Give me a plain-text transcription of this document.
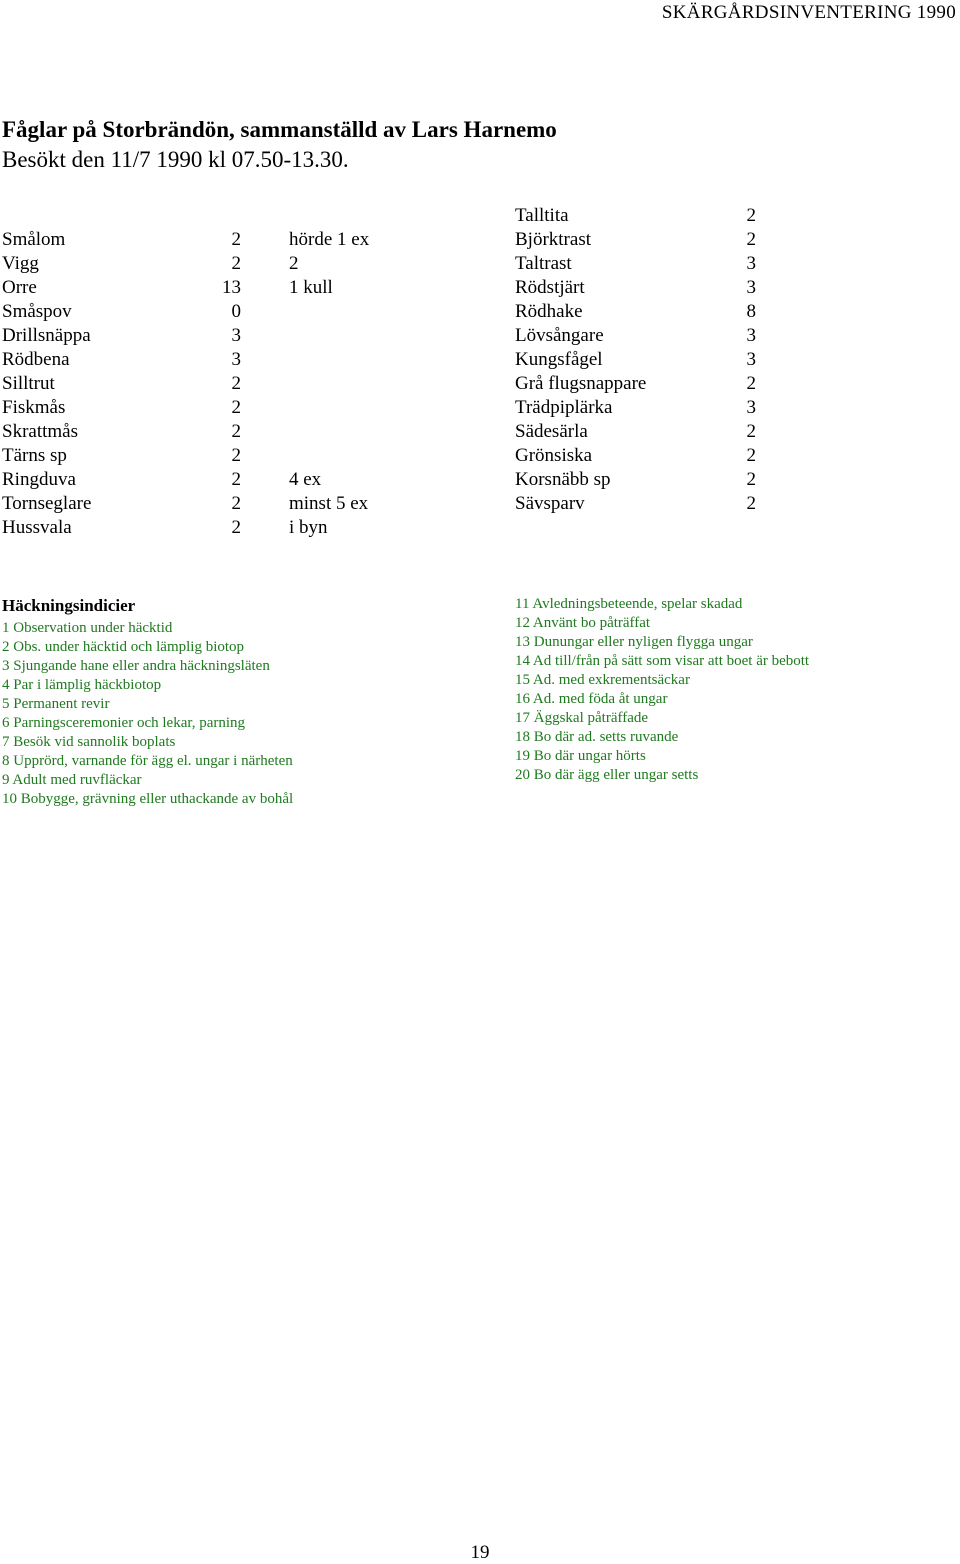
SKÄRGÅRDSINVENTERING 1990
Fåglar på Storbrändön, sammanställd av Lars Harnemo
Besökt den 11/7 1990 kl 07.50-13.30.
Smålom	2	hörde 1 ex
Vigg	2	2
Orre	13	1 kull
Småspov	0
Drillsnäppa	3
Rödbena	3
Silltrut	2
Fiskmås	2
Skrattmås	2
Tärns sp	2
Ringduva	2	4 ex
Tornseglare	2	minst 5 ex
Hussvala	2	i byn
Talltita	2
Björktrast	2
Taltrast	3
Rödstjärt	3
Rödhake	8
Lövsångare	3
Kungsfågel	3
Grå flugsnappare	2
Trädpiplärka	3
Sädesärla	2
Grönsiska	2
Korsnäbb sp	2
Sävsparv	2
Häckningsindicier
1 Observation under häcktid
2 Obs. under häcktid och lämplig biotop
3 Sjungande hane eller andra häckningsläten
4 Par i lämplig häckbiotop
5 Permanent revir
6 Parningsceremonier och lekar, parning
7 Besök vid sannolik boplats
8 Upprörd, varnande för ägg el. ungar i närheten
9 Adult med ruvfläckar
10 Bobygge, grävning eller uthackande av bohål
11 Avledningsbeteende, spelar skadad
12 Använt bo påträffat
13 Dunungar eller nyligen flygga ungar
14 Ad till/från på sätt som visar att boet är bebott
15 Ad. med exkrementsäckar
16 Ad. med föda åt ungar
17 Äggskal påträffade
18 Bo där ad. setts ruvande
19 Bo där ungar hörts
20 Bo där ägg eller ungar setts
19
